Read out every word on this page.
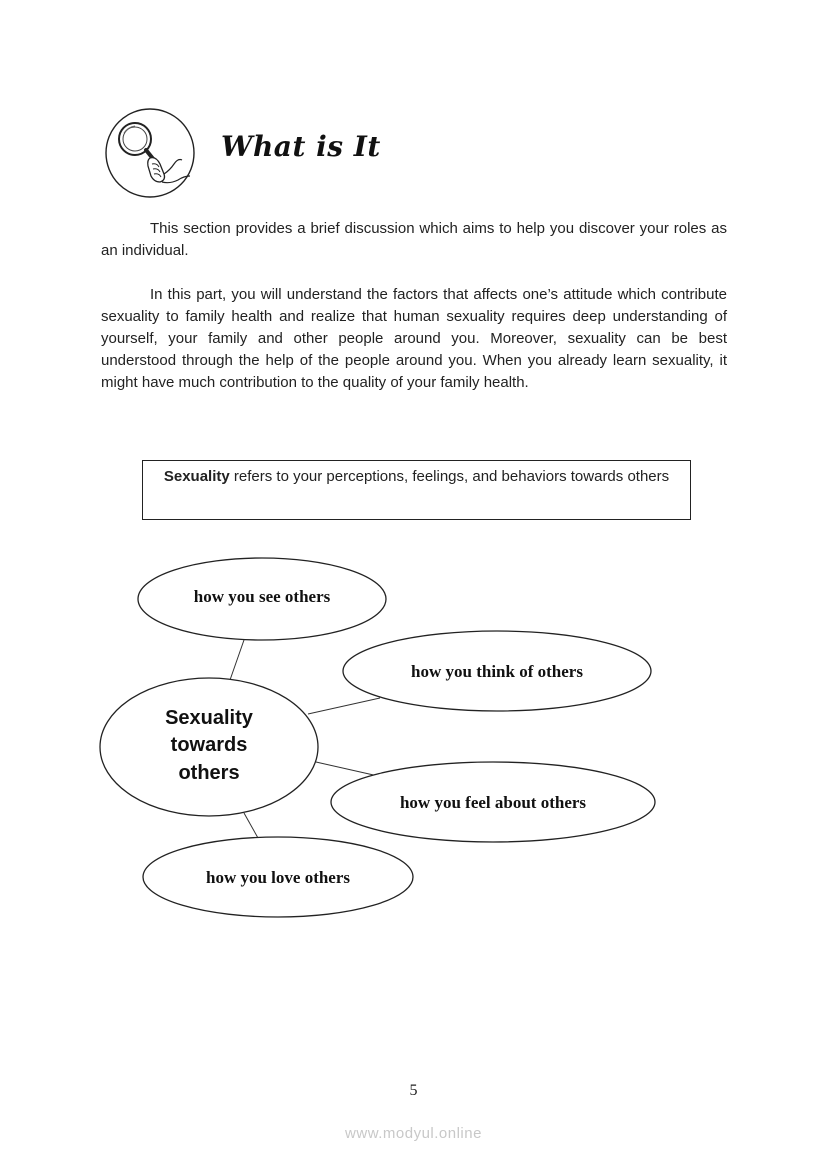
What is It

This section provides a brief discussion which aims to help you discover your roles as an individual.

In this part, you will understand the factors that affects one’s attitude which contribute sexuality to family health and realize that human sexuality requires deep understanding of yourself, your family and other people around you. Moreover, sexuality can be best understood through the help of the people around you. When you already learn sexuality, it might have much contribution to the quality of your family health.

Sexuality refers to your perceptions, feelings, and behaviors towards others
Sexuality
towards
others
how you see others
how you think of others
how you feel about others
how you love others
5
www.modyul.online
